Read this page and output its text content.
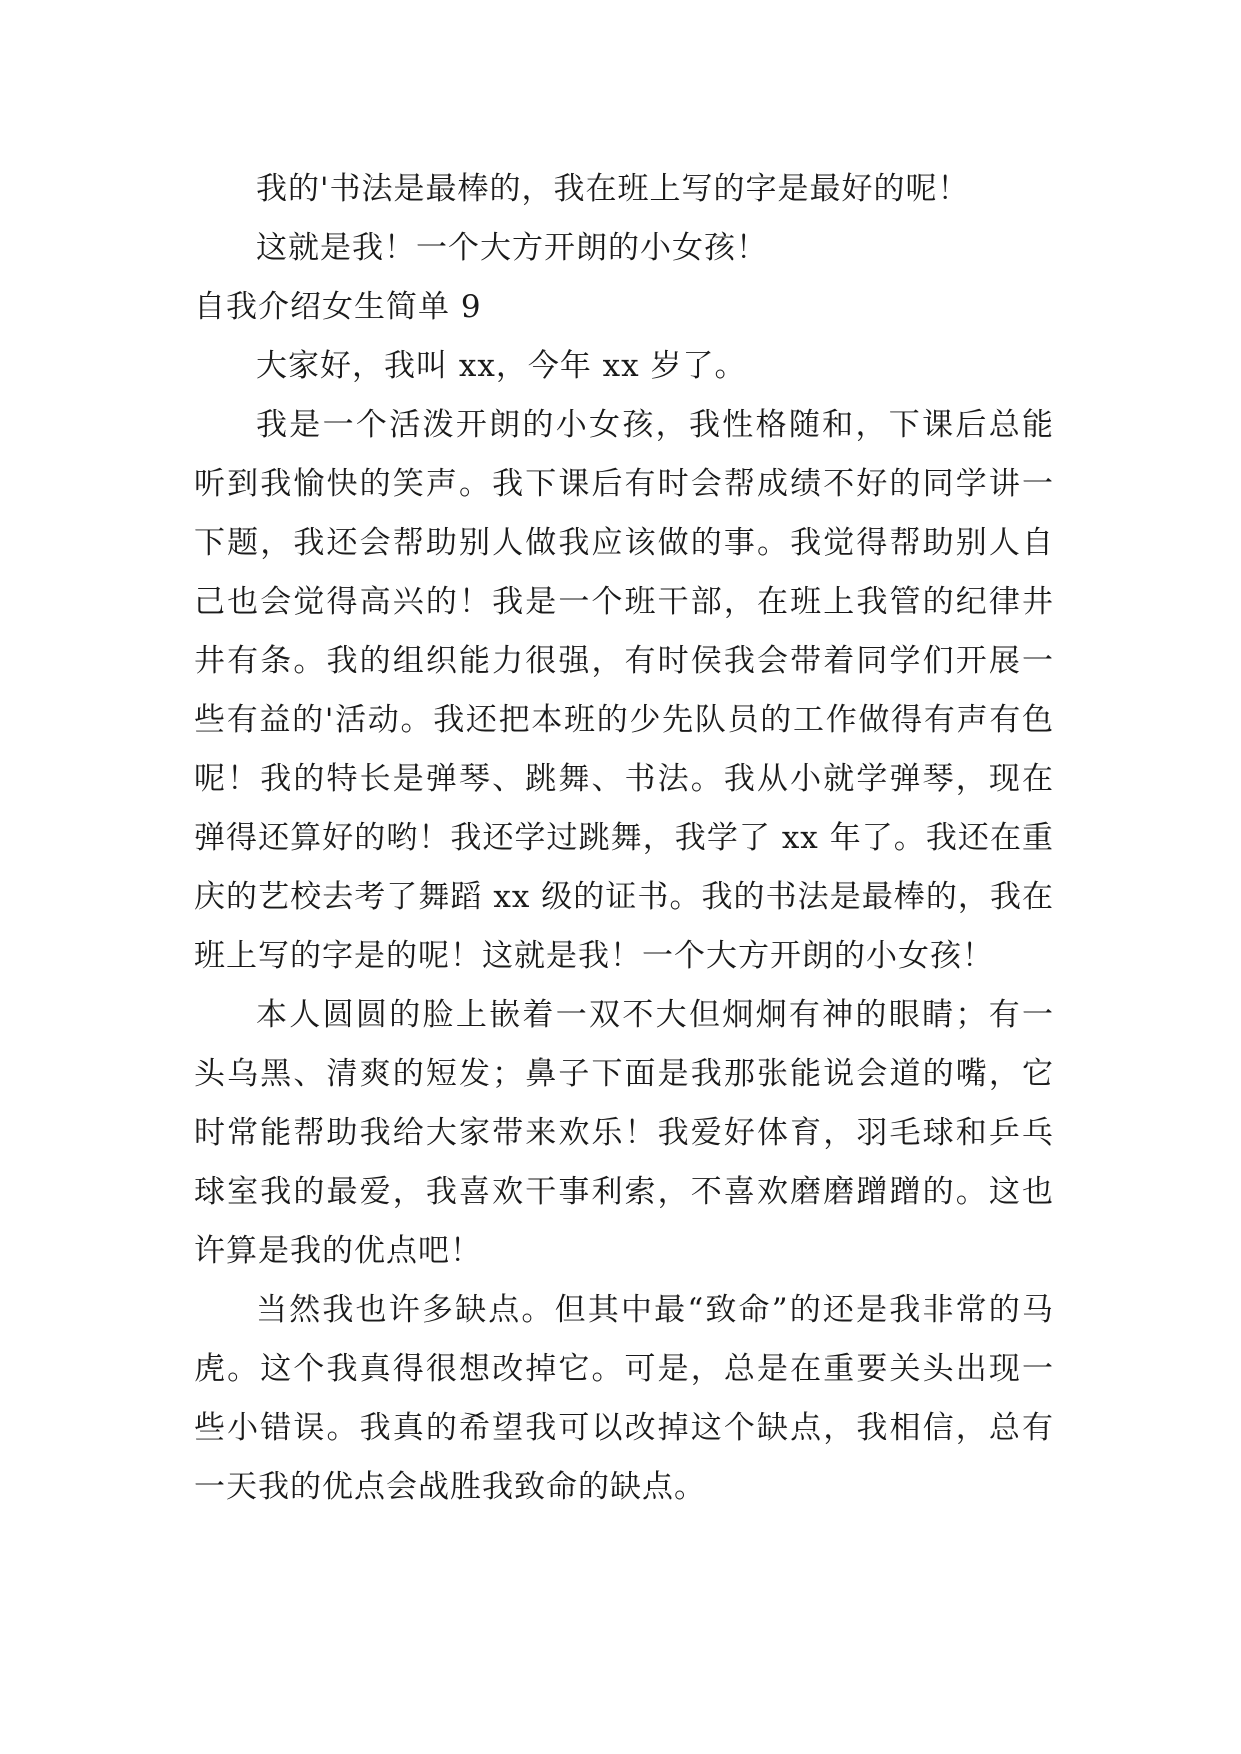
我的'书法是最棒的，我在班上写的字是最好的呢！

这就是我！一个大方开朗的小女孩！

自我介绍女生简单 9

大家好，我叫 xx，今年 xx 岁了。

我是一个活泼开朗的小女孩，我性格随和，下课后总能听到我愉快的笑声。我下课后有时会帮成绩不好的同学讲一下题，我还会帮助别人做我应该做的事。我觉得帮助别人自己也会觉得高兴的！我是一个班干部，在班上我管的纪律井井有条。我的组织能力很强，有时侯我会带着同学们开展一些有益的'活动。我还把本班的少先队员的工作做得有声有色呢！我的特长是弹琴、跳舞、书法。我从小就学弹琴，现在弹得还算好的哟！我还学过跳舞，我学了 xx 年了。我还在重庆的艺校去考了舞蹈 xx 级的证书。我的书法是最棒的，我在班上写的字是的呢！这就是我！一个大方开朗的小女孩！

本人圆圆的脸上嵌着一双不大但炯炯有神的眼睛；有一头乌黑、清爽的短发；鼻子下面是我那张能说会道的嘴，它时常能帮助我给大家带来欢乐！我爱好体育，羽毛球和乒乓球室我的最爱，我喜欢干事利索，不喜欢磨磨蹭蹭的。这也许算是我的优点吧！

当然我也许多缺点。但其中最“致命”的还是我非常的马虎。这个我真得很想改掉它。可是，总是在重要关头出现一些小错误。我真的希望我可以改掉这个缺点，我相信，总有一天我的优点会战胜我致命的缺点。
